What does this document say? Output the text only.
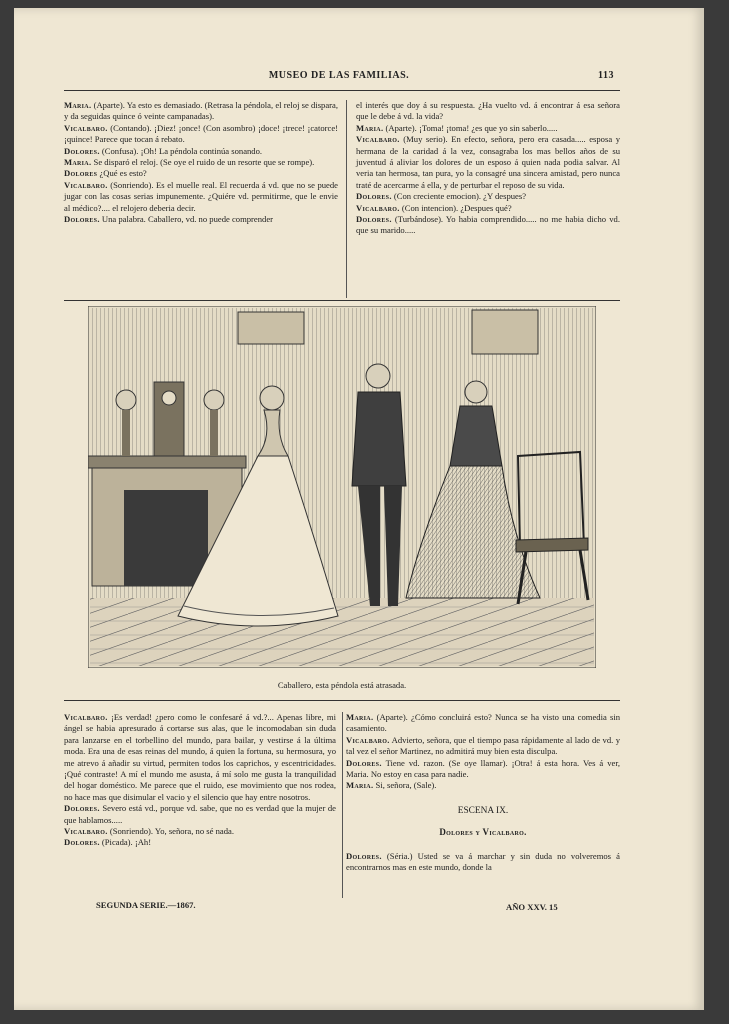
MUSEO DE LAS FAMILIAS.	113

Maria. (Aparte). Ya esto es demasiado. (Retrasa la péndola, el reloj se dispara, y da seguidas quince ó veinte campanadas).

Vicalbaro. (Contando). ¡Diez! ¡once! (Con asombro) ¡doce! ¡trece! ¡catorce! ¡quince! Parece que tocan á rebato.

Dolores. (Confusa). ¡Oh! La péndola continúa sonando.

Maria. Se disparó el reloj. (Se oye el ruido de un resorte que se rompe).

Dolores ¿Qué es esto?

Vicalbaro. (Sonriendo). Es el muelle real. El recuerda á vd. que no se puede jugar con las cosas serias impunemente. ¿Quiére vd. permitirme, que le envie al médico?.... el relojero deberia decir.

Dolores. Una palabra. Caballero, vd. no puede comprender

el interés que doy á su respuesta. ¿Ha vuelto vd. á encontrar á esa señora que le debe á vd. la vida?

Maria. (Aparte). ¡Toma! ¡toma! ¿es que yo sin saberlo.....

Vicalbaro. (Muy serio). En efecto, señora, pero era casada..... esposa y hermana de la caridad á la vez, consagraba los mas bellos años de su juventud á aliviar los dolores de un esposo á quien nada podia salvar. Al veria tan hermosa, tan pura, yo la consagré una sincera amistad, pero nunca traté de acercarme á ella, y de perturbar el reposo de su vida.

Dolores. (Con creciente emocion). ¿Y despues?

Vicalbaro. (Con intencion). ¿Despues qué?

Dolores. (Turbándose). Yo habia comprendido..... no me habia dicho vd. que su marido.....

Caballero, esta péndola está atrasada.

Vicalbaro. ¡Es verdad! ¿pero como le confesaré á vd.?... Apenas libre, mi ángel se habia apresurado á cortarse sus alas, que le incomodaban sin duda para lanzarse en el torbellino del mundo, para bailar, y vestirse á la última moda. Era una de esas reinas del mundo, á quien la fortuna, su hermosura, yo me atrevo á añadir su virtud, permiten todos los caprichos, y escentricidades. ¡Qué contraste! A mí el mundo me asusta, á mí solo me gusta la tranquilidad del hogar doméstico. Me parece que el ruido, ese movimiento que nos rodea, no hace mas que disimular el vacio y el silencio que hay entre nosotros.

Dolores. Severo está vd., porque vd. sabe, que no es verdad que la mujer de que hablamos.....

Vicalbaro. (Sonriendo). Yo, señora, no sé nada.

Dolores. (Picada). ¡Ah!

Maria. (Aparte). ¿Cómo concluirá esto? Nunca se ha visto una comedia sin casamiento.

Vicalbaro. Advierto, señora, que el tiempo pasa rápidamente al lado de vd. y tal vez el señor Martinez, no admitirá muy bien esta disculpa.

Dolores. Tiene vd. razon. (Se oye llamar). ¡Otra! á esta hora. Ves á ver, Maria. No estoy en casa para nadie.

Maria. Si, señora, (Sale).

ESCENA IX.

Dolores y Vicalbaro.

Dolores. (Séria.) Usted se va á marchar y sin duda no volveremos á encontrarnos mas en este mundo, donde la

SEGUNDA SERIE.—1867.	AÑO XXV. 15
